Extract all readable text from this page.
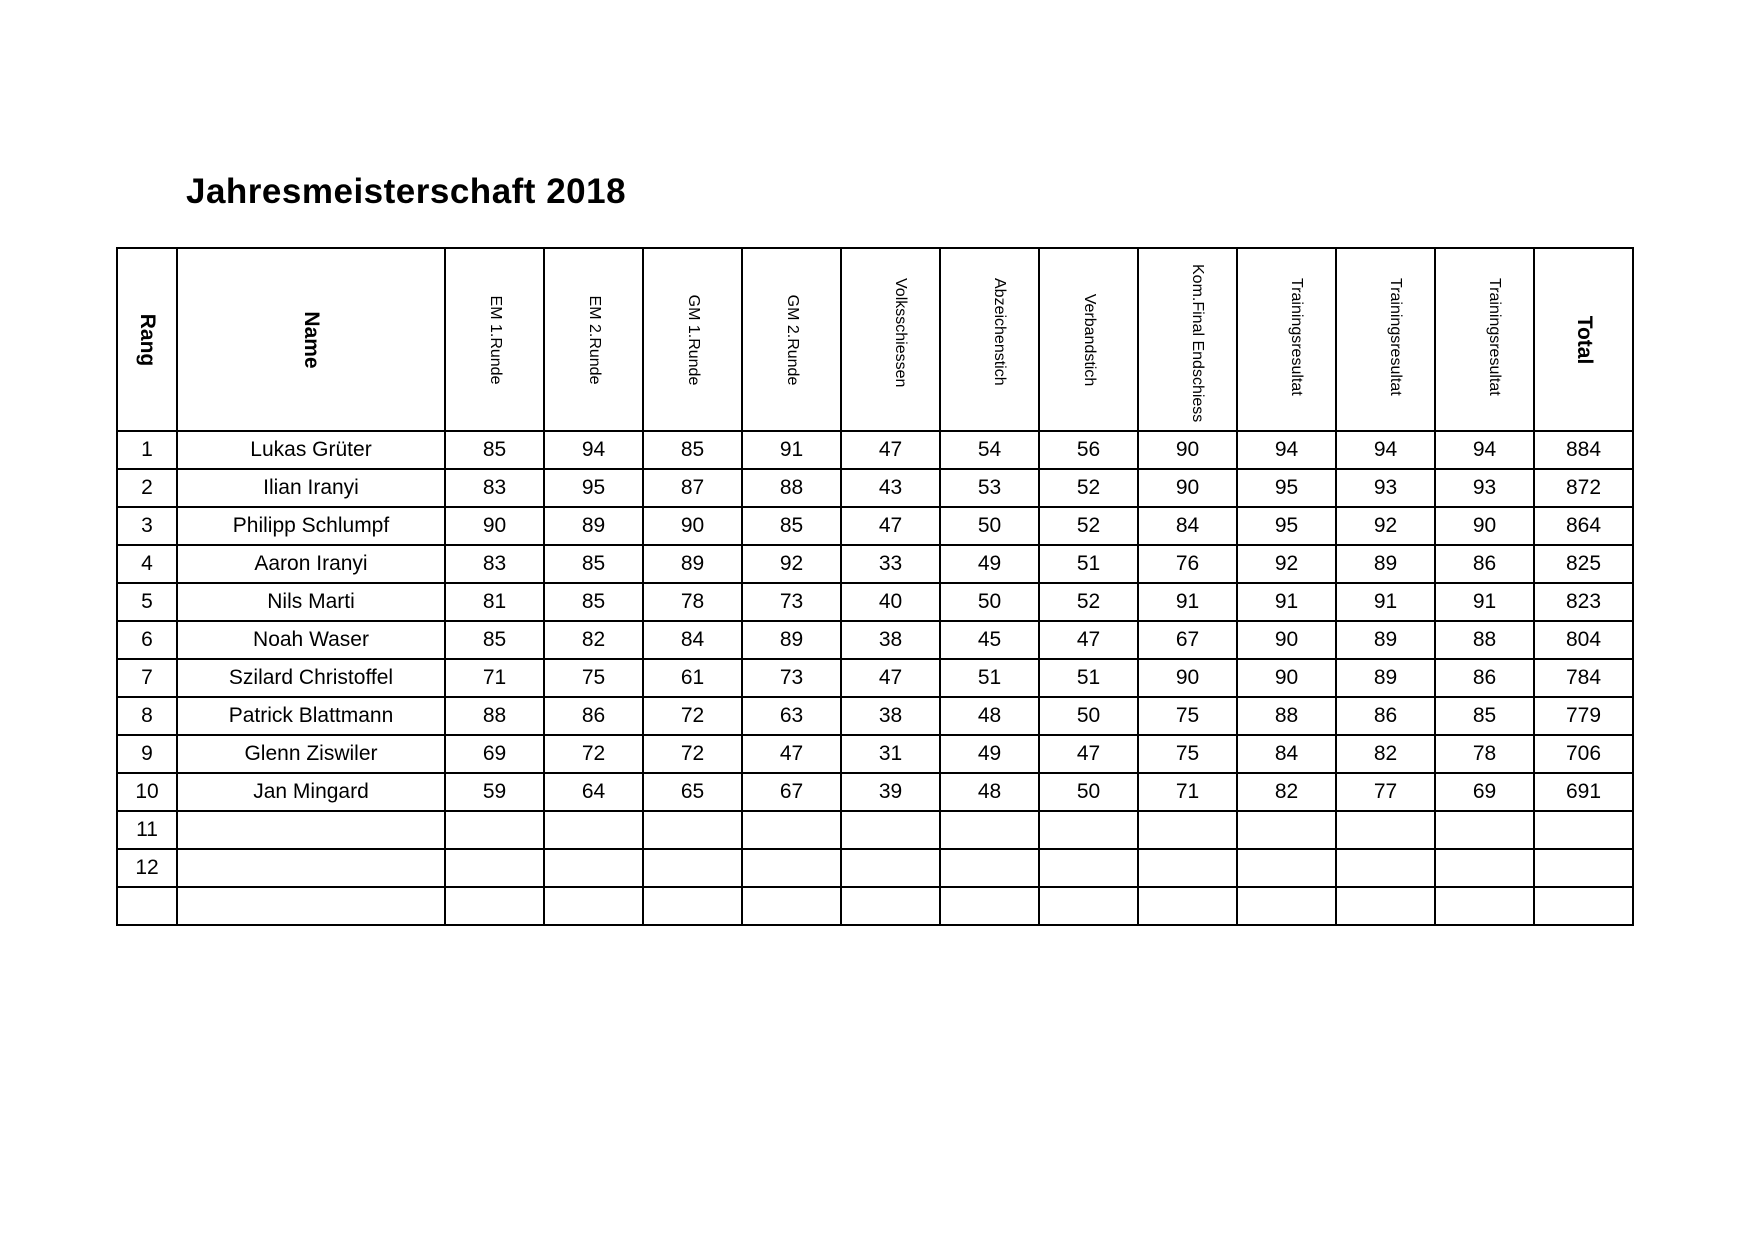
Jahresmeisterschaft 2018
Rang	Name	EM 1.Runde	EM 2.Runde	GM 1.Runde	GM 2.Runde	Volksschiessen	Abzeichenstich	Verbandstich	Kom.Final Endschiess	Trainingsresultat	Trainingsresultat	Trainingsresultat	Total

1	Lukas Grüter	85	94	85	91	47	54	56	90	94	94	94	884
2	Ilian Iranyi	83	95	87	88	43	53	52	90	95	93	93	872
3	Philipp Schlumpf	90	89	90	85	47	50	52	84	95	92	90	864
4	Aaron Iranyi	83	85	89	92	33	49	51	76	92	89	86	825
5	Nils Marti	81	85	78	73	40	50	52	91	91	91	91	823
6	Noah Waser	85	82	84	89	38	45	47	67	90	89	88	804
7	Szilard Christoffel	71	75	61	73	47	51	51	90	90	89	86	784
8	Patrick Blattmann	88	86	72	63	38	48	50	75	88	86	85	779
9	Glenn Ziswiler	69	72	72	47	31	49	47	75	84	82	78	706
10	Jan Mingard	59	64	65	67	39	48	50	71	82	77	69	691
11													
12													
